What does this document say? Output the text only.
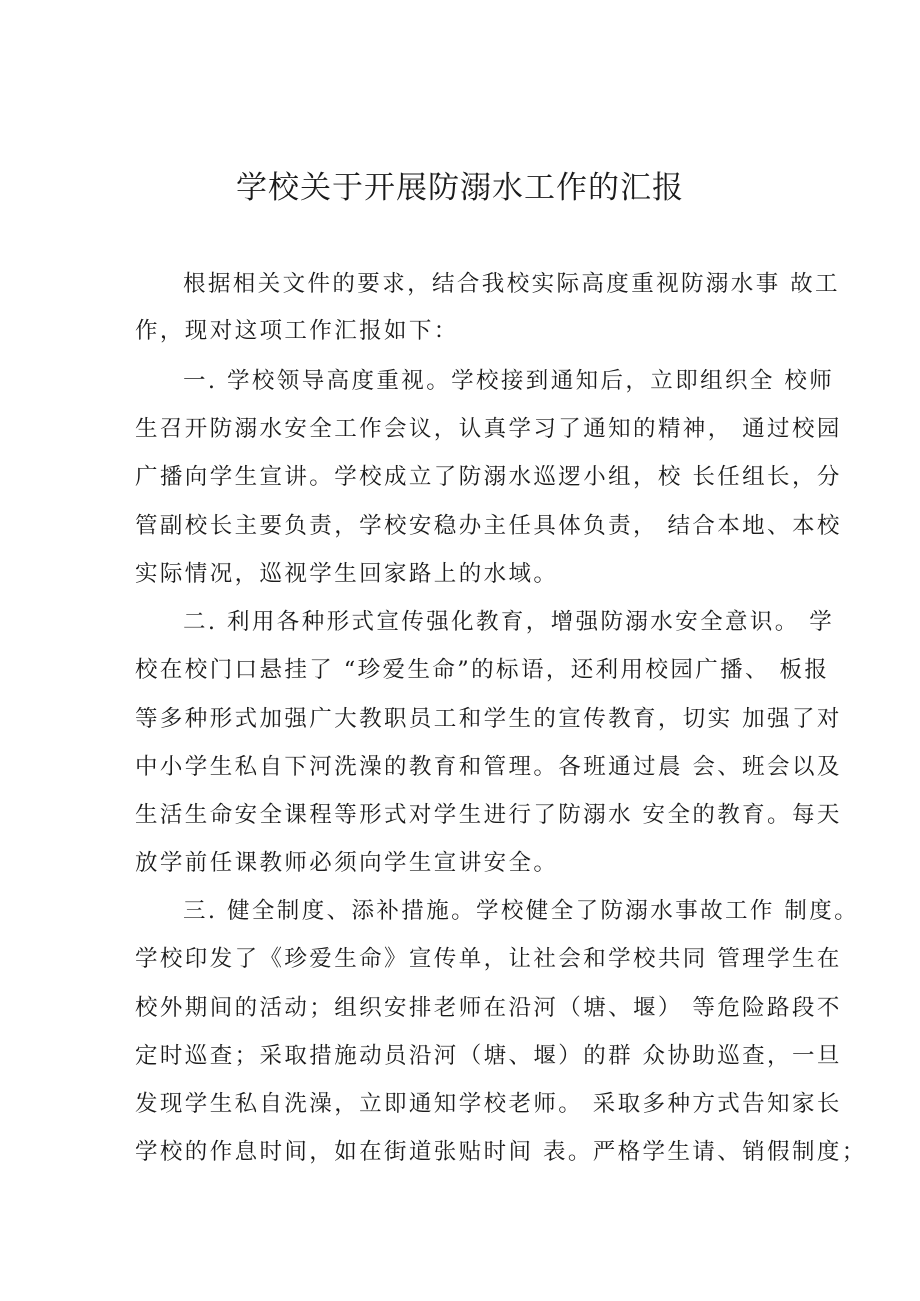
学校关于开展防溺水工作的汇报

根据相关文件的要求，结合我校实际高度重视防溺水事 故工

作，现对这项工作汇报如下：

一. 学校领导高度重视。学校接到通知后，立即组织全 校师

生召开防溺水安全工作会议，认真学习了通知的精神， 通过校园

广播向学生宣讲。学校成立了防溺水巡逻小组，校 长任组长，分

管副校长主要负责，学校安稳办主任具体负责， 结合本地、本校

实际情况，巡视学生回家路上的水域。

二. 利用各种形式宣传强化教育，增强防溺水安全意识。 学

校在校门口悬挂了 “珍爱生命”的标语，还利用校园广播、 板报

等多种形式加强广大教职员工和学生的宣传教育，切实 加强了对

中小学生私自下河洗澡的教育和管理。各班通过晨 会、班会以及

生活生命安全课程等形式对学生进行了防溺水 安全的教育。每天

放学前任课教师必须向学生宣讲安全。

三. 健全制度、添补措施。学校健全了防溺水事故工作 制度。

学校印发了《珍爱生命》宣传单，让社会和学校共同 管理学生在

校外期间的活动；组织安排老师在沿河（塘、堰） 等危险路段不

定时巡查；采取措施动员沿河（塘、堰）的群 众协助巡查，一旦

发现学生私自洗澡，立即通知学校老师。 采取多种方式告知家长

学校的作息时间，如在街道张贴时间 表。严格学生请、销假制度；
